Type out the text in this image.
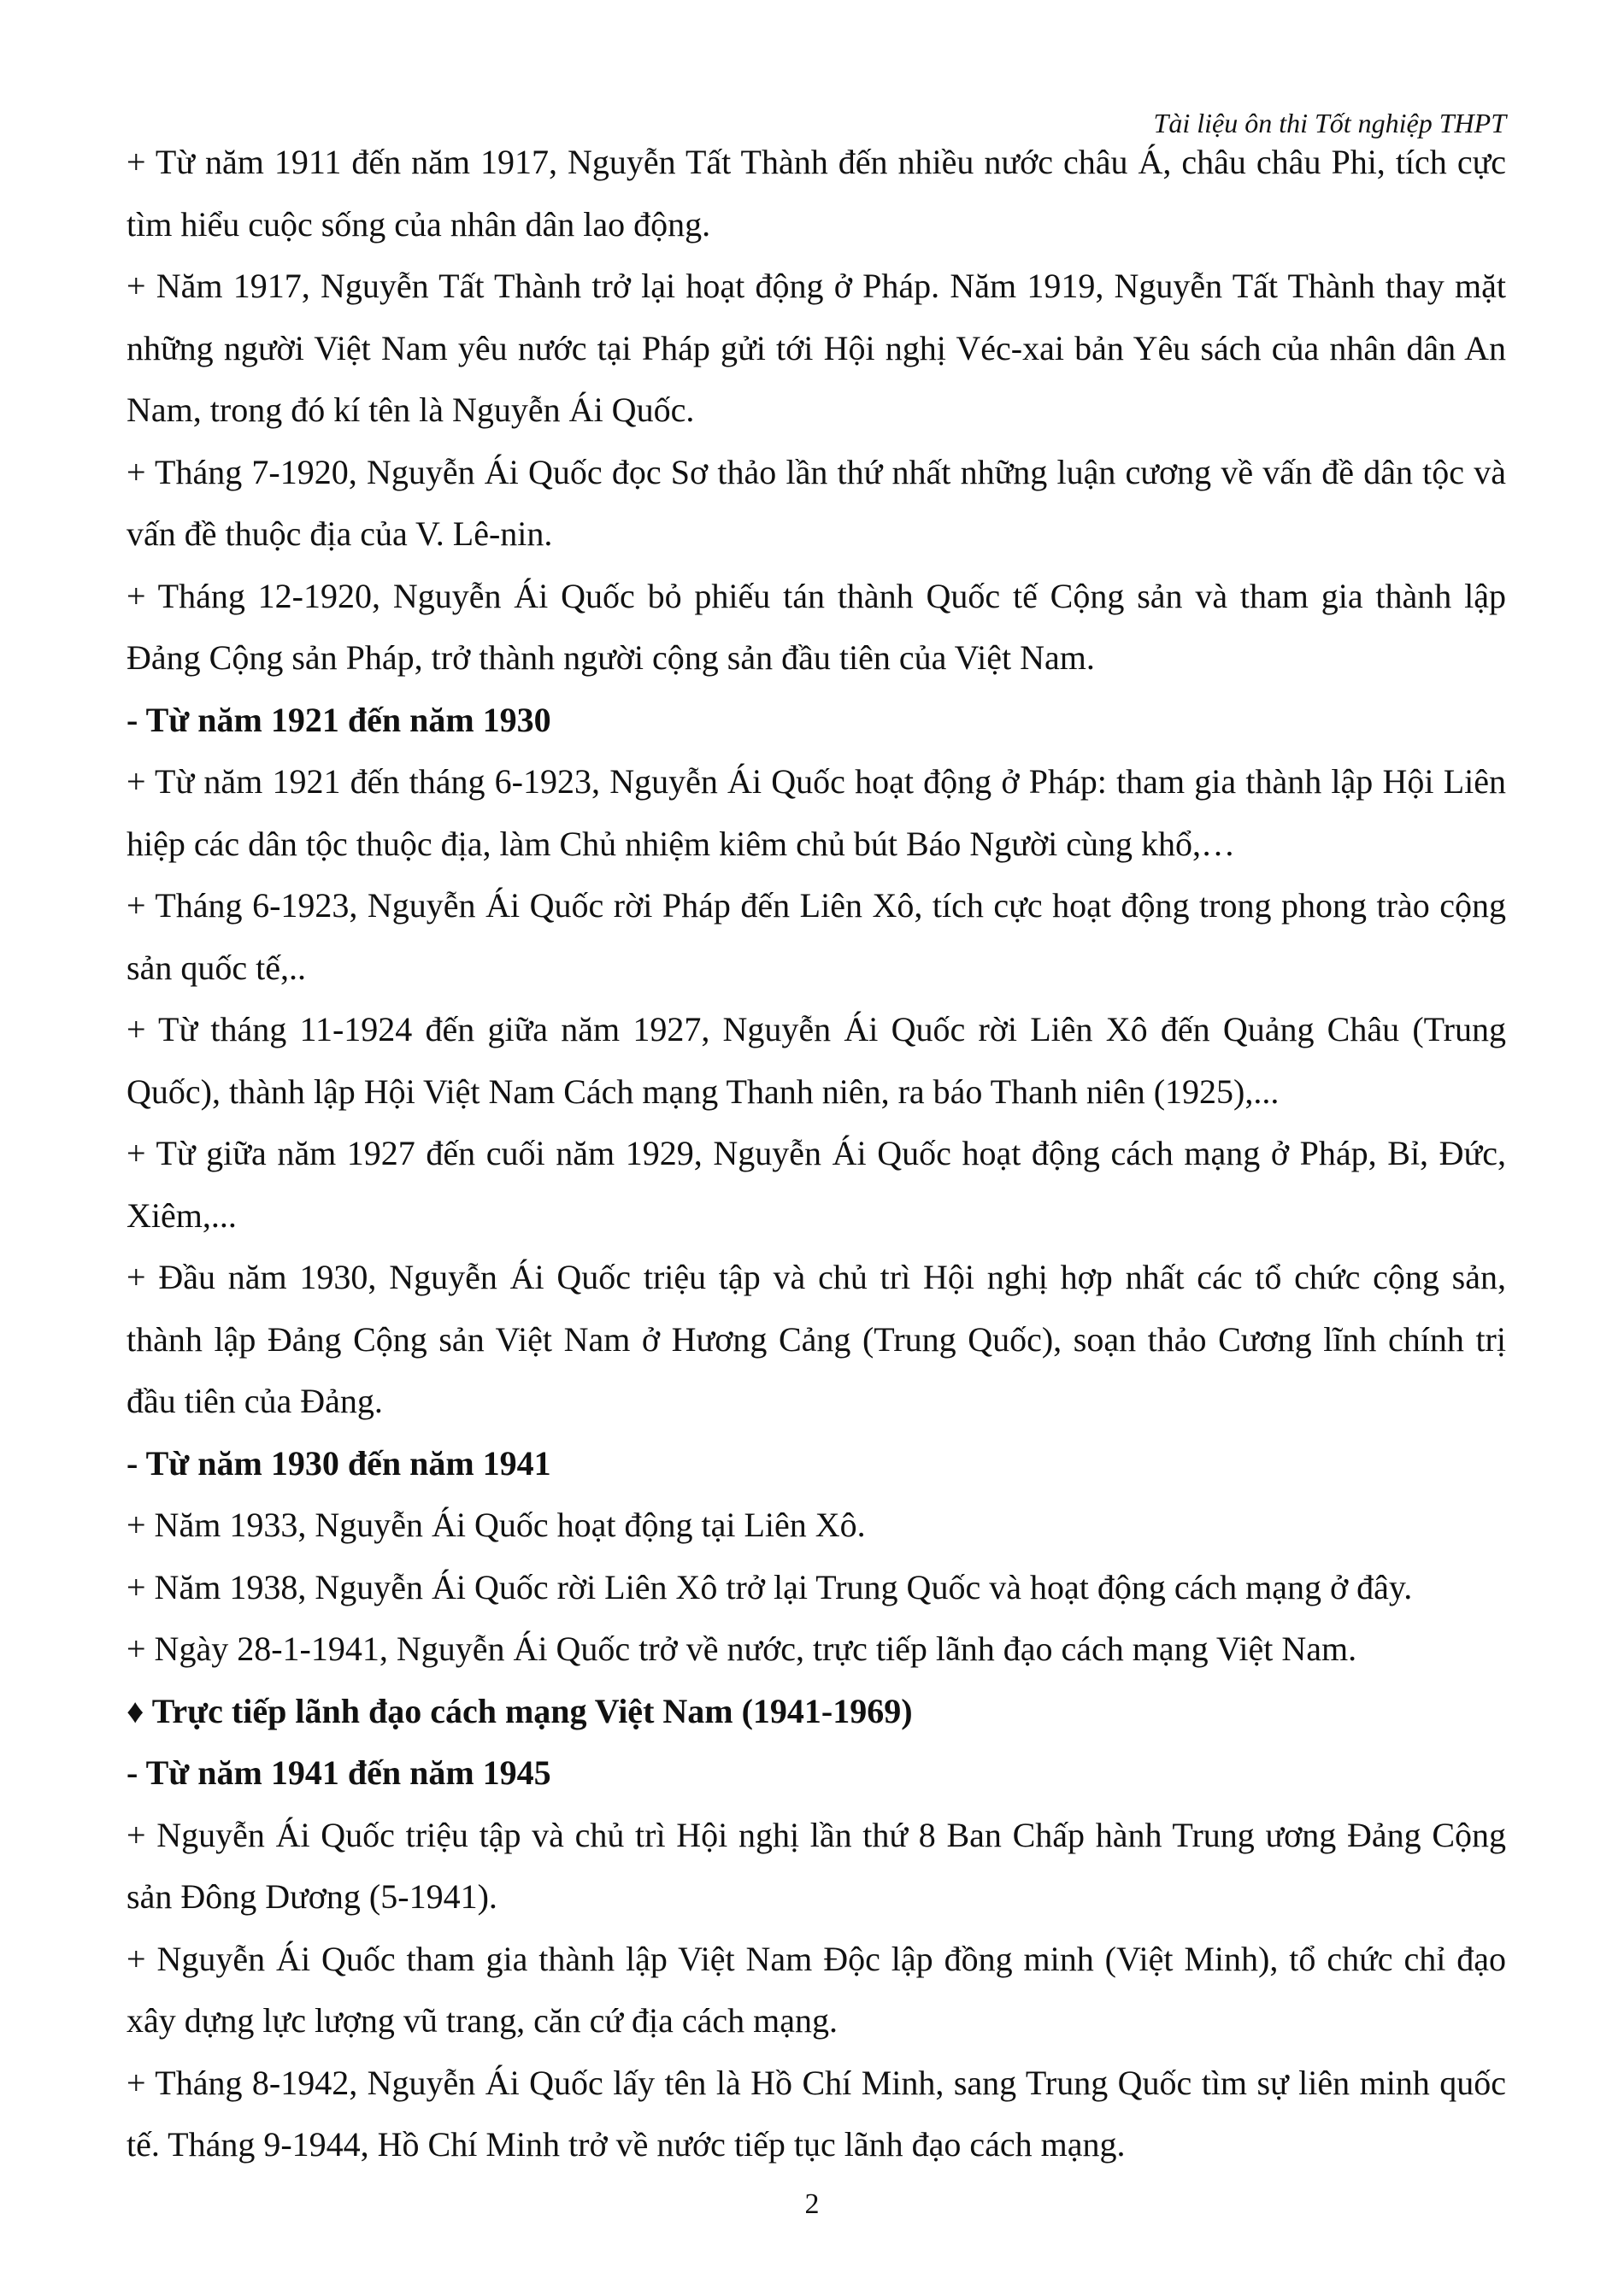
Tài liệu ôn thi Tốt nghiệp THPT

+ Từ năm 1911 đến năm 1917, Nguyễn Tất Thành đến nhiều nước châu Á, châu châu Phi, tích cực tìm hiểu cuộc sống của nhân dân lao động.

+ Năm 1917, Nguyễn Tất Thành trở lại hoạt động ở Pháp. Năm 1919, Nguyễn Tất Thành thay mặt những người Việt Nam yêu nước tại Pháp gửi tới Hội nghị Véc-xai bản Yêu sách của nhân dân An Nam, trong đó kí tên là Nguyễn Ái Quốc.

+ Tháng 7-1920, Nguyễn Ái Quốc đọc Sơ thảo lần thứ nhất những luận cương về vấn đề dân tộc và vấn đề thuộc địa của V. Lê-nin.

+ Tháng 12-1920, Nguyễn Ái Quốc bỏ phiếu tán thành Quốc tế Cộng sản và tham gia thành lập Đảng Cộng sản Pháp, trở thành người cộng sản đầu tiên của Việt Nam.

- Từ năm 1921 đến năm 1930

+ Từ năm 1921 đến tháng 6-1923, Nguyễn Ái Quốc hoạt động ở Pháp: tham gia thành lập Hội Liên hiệp các dân tộc thuộc địa, làm Chủ nhiệm kiêm chủ bút Báo Người cùng khổ,…

+ Tháng 6-1923, Nguyễn Ái Quốc rời Pháp đến Liên Xô, tích cực hoạt động trong phong trào cộng sản quốc tế,..

+ Từ tháng 11-1924 đến giữa năm 1927, Nguyễn Ái Quốc rời Liên Xô đến Quảng Châu (Trung Quốc), thành lập Hội Việt Nam Cách mạng Thanh niên, ra báo Thanh niên (1925),...

+ Từ giữa năm 1927 đến cuối năm 1929, Nguyễn Ái Quốc hoạt động cách mạng ở Pháp, Bỉ, Đức, Xiêm,...

+ Đầu năm 1930, Nguyễn Ái Quốc triệu tập và chủ trì Hội nghị hợp nhất các tổ chức cộng sản, thành lập Đảng Cộng sản Việt Nam ở Hương Cảng (Trung Quốc), soạn thảo Cương lĩnh chính trị đầu tiên của Đảng.

- Từ năm 1930 đến năm 1941

+ Năm 1933, Nguyễn Ái Quốc hoạt động tại Liên Xô.

+ Năm 1938, Nguyễn Ái Quốc rời Liên Xô trở lại Trung Quốc và hoạt động cách mạng ở đây.

+ Ngày 28-1-1941, Nguyễn Ái Quốc trở về nước, trực tiếp lãnh đạo cách mạng Việt Nam.

♦ Trực tiếp lãnh đạo cách mạng Việt Nam (1941-1969)

- Từ năm 1941 đến năm 1945

+ Nguyễn Ái Quốc triệu tập và chủ trì Hội nghị lần thứ 8 Ban Chấp hành Trung ương Đảng Cộng sản Đông Dương (5-1941).

+ Nguyễn Ái Quốc tham gia thành lập Việt Nam Độc lập đồng minh (Việt Minh), tổ chức chỉ đạo xây dựng lực lượng vũ trang, căn cứ địa cách mạng.

+ Tháng 8-1942, Nguyễn Ái Quốc lấy tên là Hồ Chí Minh, sang Trung Quốc tìm sự liên minh quốc tế. Tháng 9-1944, Hồ Chí Minh trở về nước tiếp tục lãnh đạo cách mạng.

2
